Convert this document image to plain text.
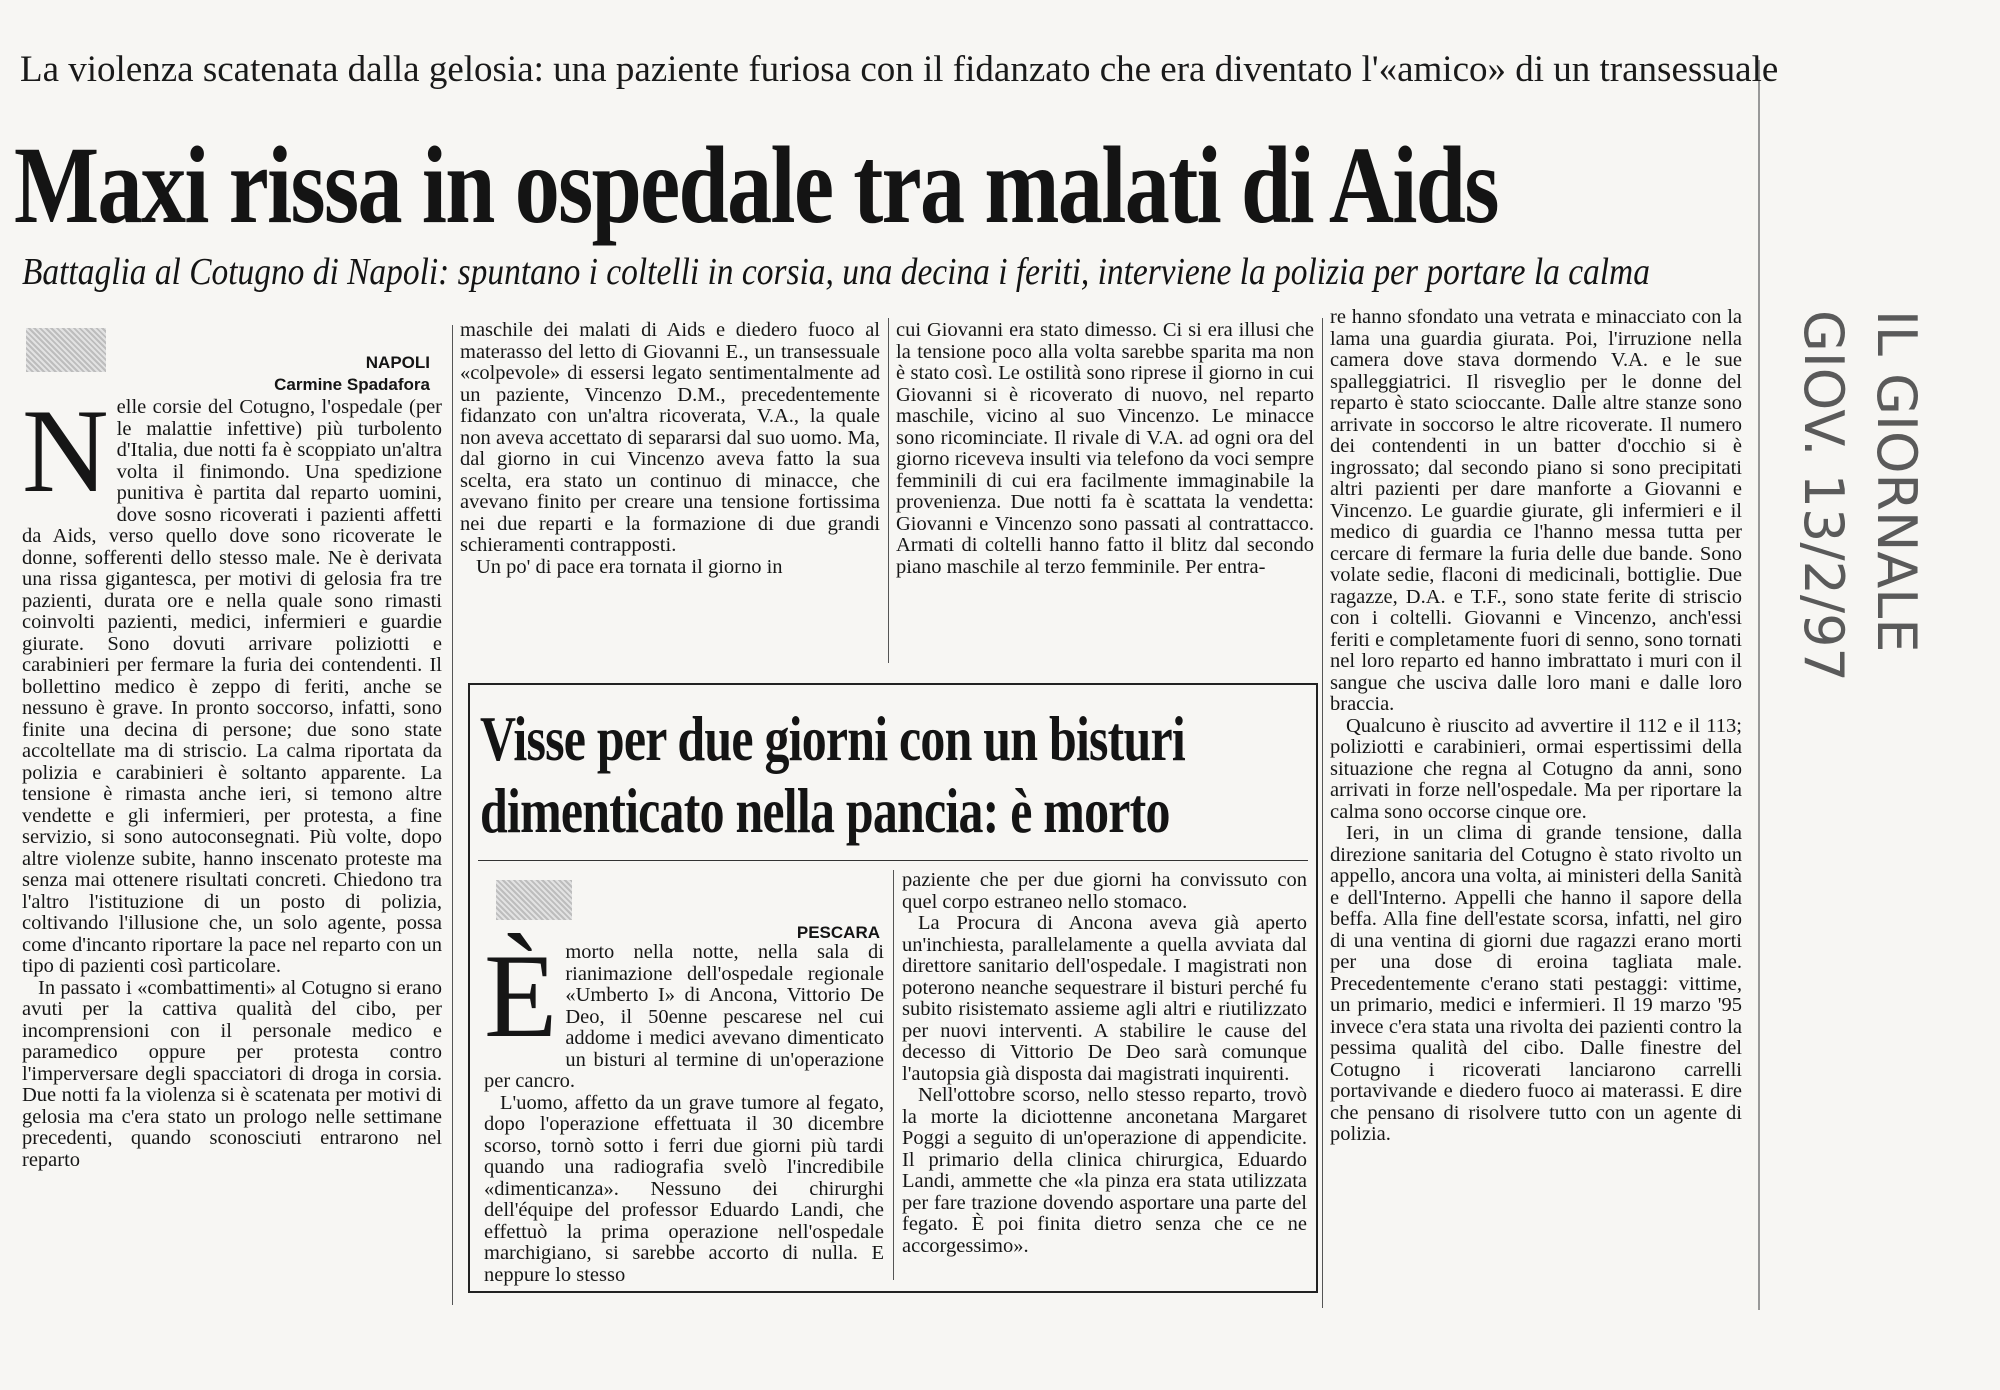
La violenza scatenata dalla gelosia: una paziente furiosa con il fidanzato che era diventato l'«amico» di un transessuale
Maxi rissa in ospedale tra malati di Aids
Battaglia al Cotugno di Napoli: spuntano i coltelli in corsia, una decina i feriti, interviene la polizia per portare la calma
NAPOLI
Carmine Spadafora

Nelle corsie del Cotugno, l'ospedale (per le malattie infettive) più turbolento d'Italia, due notti fa è scoppiato un'altra volta il finimondo. Una spedizione punitiva è partita dal reparto uomini, dove sosno ricoverati i pazienti affetti da Aids, verso quello dove sono ricoverate le donne, sofferenti dello stesso male. Ne è derivata una rissa gigantesca, per motivi di gelosia fra tre pazienti, durata ore e nella quale sono rimasti coinvolti pazienti, medici, infermieri e guardie giurate. Sono dovuti arrivare poliziotti e carabinieri per fermare la furia dei contendenti. Il bollettino medico è zeppo di feriti, anche se nessuno è grave. In pronto soccorso, infatti, sono finite una decina di persone; due sono state accoltellate ma di striscio. La calma riportata da polizia e carabinieri è soltanto apparente. La tensione è rimasta anche ieri, si temono altre vendette e gli infermieri, per protesta, a fine servizio, si sono autoconsegnati. Più volte, dopo altre violenze subite, hanno inscenato proteste ma senza mai ottenere risultati concreti. Chiedono tra l'altro l'istituzione di un posto di polizia, coltivando l'illusione che, un solo agente, possa come d'incanto riportare la pace nel reparto con un tipo di pazienti così particolare.

In passato i «combattimenti» al Cotugno si erano avuti per la cattiva qualità del cibo, per incomprensioni con il personale medico e paramedico oppure per protesta contro l'imperversare degli spacciatori di droga in corsia. Due notti fa la violenza si è scatenata per motivi di gelosia ma c'era stato un prologo nelle settimane precedenti, quando sconosciuti entrarono nel reparto

maschile dei malati di Aids e diedero fuoco al materasso del letto di Giovanni E., un transessuale «colpevole» di essersi legato sentimentalmente ad un paziente, Vincenzo D.M., precedentemente fidanzato con un'altra ricoverata, V.A., la quale non aveva accettato di separarsi dal suo uomo. Ma, dal giorno in cui Vincenzo aveva fatto la sua scelta, era stato un continuo di minacce, che avevano finito per creare una tensione fortissima nei due reparti e la formazione di due grandi schieramenti contrapposti.

Un po' di pace era tornata il giorno in

cui Giovanni era stato dimesso. Ci si era illusi che la tensione poco alla volta sarebbe sparita ma non è stato così. Le ostilità sono riprese il giorno in cui Giovanni si è ricoverato di nuovo, nel reparto maschile, vicino al suo Vincenzo. Le minacce sono ricominciate. Il rivale di V.A. ad ogni ora del giorno riceveva insulti via telefono da voci sempre femminili di cui era facilmente immaginabile la provenienza. Due notti fa è scattata la vendetta: Giovanni e Vincenzo sono passati al contrattacco. Armati di coltelli hanno fatto il blitz dal secondo piano maschile al terzo femminile. Per entra-

re hanno sfondato una vetrata e minacciato con la lama una guardia giurata. Poi, l'irruzione nella camera dove stava dormendo V.A. e le sue spalleggiatrici. Il risveglio per le donne del reparto è stato scioccante. Dalle altre stanze sono arrivate in soccorso le altre ricoverate. Il numero dei contendenti in un batter d'occhio si è ingrossato; dal secondo piano si sono precipitati altri pazienti per dare manforte a Giovanni e Vincenzo. Le guardie giurate, gli infermieri e il medico di guardia ce l'hanno messa tutta per cercare di fermare la furia delle due bande. Sono volate sedie, flaconi di medicinali, bottiglie. Due ragazze, D.A. e T.F., sono state ferite di striscio con i coltelli. Giovanni e Vincenzo, anch'essi feriti e completamente fuori di senno, sono tornati nel loro reparto ed hanno imbrattato i muri con il sangue che usciva dalle loro mani e dalle loro braccia.

Qualcuno è riuscito ad avvertire il 112 e il 113; poliziotti e carabinieri, ormai espertissimi della situazione che regna al Cotugno da anni, sono arrivati in forze nell'ospedale. Ma per riportare la calma sono occorse cinque ore.

Ieri, in un clima di grande tensione, dalla direzione sanitaria del Cotugno è stato rivolto un appello, ancora una volta, ai ministeri della Sanità e dell'Interno. Appelli che hanno il sapore della beffa. Alla fine dell'estate scorsa, infatti, nel giro di una ventina di giorni due ragazzi erano morti per una dose di eroina tagliata male. Precedentemente c'erano stati pestaggi: vittime, un primario, medici e infermieri. Il 19 marzo '95 invece c'era stata una rivolta dei pazienti contro la pessima qualità del cibo. Dalle finestre del Cotugno i ricoverati lanciarono carrelli portavivande e diedero fuoco ai materassi. E dire che pensano di risolvere tutto con un agente di polizia.

Visse per due giorni con un bisturi
dimenticato nella pancia: è morto
PESCARA

Èmorto nella notte, nella sala di rianimazione dell'ospedale regionale «Umberto I» di Ancona, Vittorio De Deo, il 50enne pescarese nel cui addome i medici avevano dimenticato un bisturi al termine di un'operazione per cancro.

L'uomo, affetto da un grave tumore al fegato, dopo l'operazione effettuata il 30 dicembre scorso, tornò sotto i ferri due giorni più tardi quando una radiografia svelò l'incredibile «dimenticanza». Nessuno dei chirurghi dell'équipe del professor Eduardo Landi, che effettuò la prima operazione nell'ospedale marchigiano, si sarebbe accorto di nulla. E neppure lo stesso

paziente che per due giorni ha convissuto con quel corpo estraneo nello stomaco.

La Procura di Ancona aveva già aperto un'inchiesta, parallelamente a quella avviata dal direttore sanitario dell'ospedale. I magistrati non poterono neanche sequestrare il bisturi perché fu subito risistemato assieme agli altri e riutilizzato per nuovi interventi. A stabilire le cause del decesso di Vittorio De Deo sarà comunque l'autopsia già disposta dai magistrati inquirenti.

Nell'ottobre scorso, nello stesso reparto, trovò la morte la diciottenne anconetana Margaret Poggi a seguito di un'operazione di appendicite. Il primario della clinica chirurgica, Eduardo Landi, ammette che «la pinza era stata utilizzata per fare trazione dovendo asportare una parte del fegato. È poi finita dietro senza che ce ne accorgessimo».

IL GIORNALE
GIOV. 13/2/97
